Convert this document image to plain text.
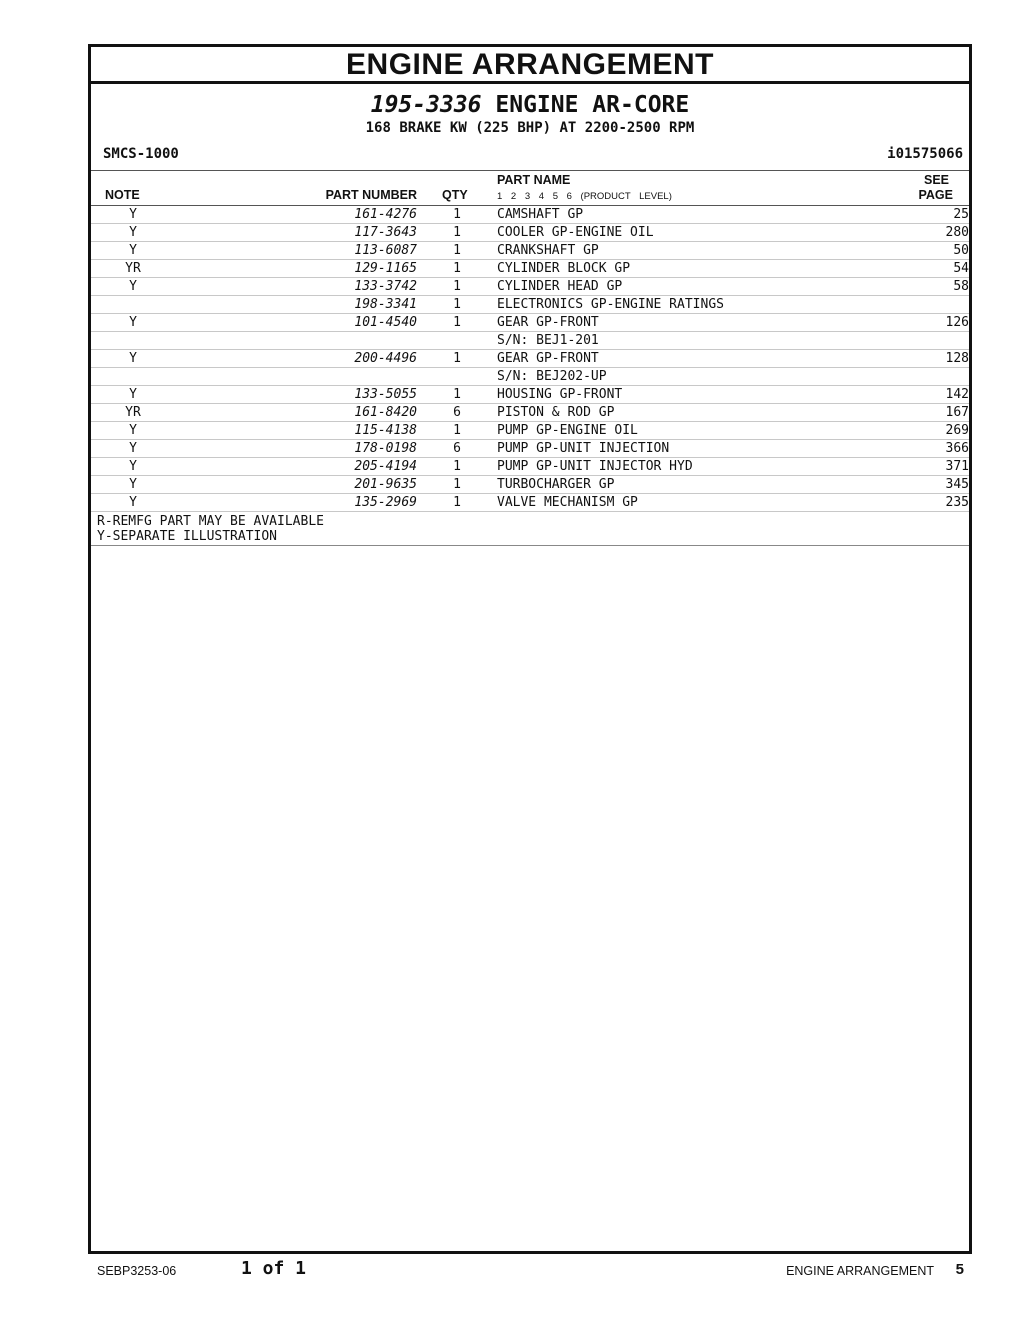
ENGINE ARRANGEMENT
195-3336 ENGINE AR-CORE
168 BRAKE KW (225 BHP) AT 2200-2500 RPM
SMCS-1000	i01575066
NOTE	PART NUMBER QTY
PART NAME
1 2 3 4 5 6 (PRODUCT LEVEL)
SEE
PAGE
Y	161-4276	1	CAMSHAFT GP	25
Y	117-3643	1	COOLER GP-ENGINE OIL	280
Y	113-6087	1	CRANKSHAFT GP	50
YR	129-1165	1	CYLINDER BLOCK GP	54
Y	133-3742	1	CYLINDER HEAD GP	58
	198-3341	1	ELECTRONICS GP-ENGINE RATINGS	
Y	101-4540	1	GEAR GP-FRONT	126
			S/N: BEJ1-201	
Y	200-4496	1	GEAR GP-FRONT	128
			S/N: BEJ202-UP	
Y	133-5055	1	HOUSING GP-FRONT	142
YR	161-8420	6	PISTON & ROD GP	167
Y	115-4138	1	PUMP GP-ENGINE OIL	269
Y	178-0198	6	PUMP GP-UNIT INJECTION	366
Y	205-4194	1	PUMP GP-UNIT INJECTOR HYD	371
Y	201-9635	1	TURBOCHARGER GP	345
Y	135-2969	1	VALVE MECHANISM GP	235
R-REMFG PART MAY BE AVAILABLE
Y-SEPARATE ILLUSTRATION
SEBP3253-06	1 of 1	ENGINE ARRANGEMENT 5
